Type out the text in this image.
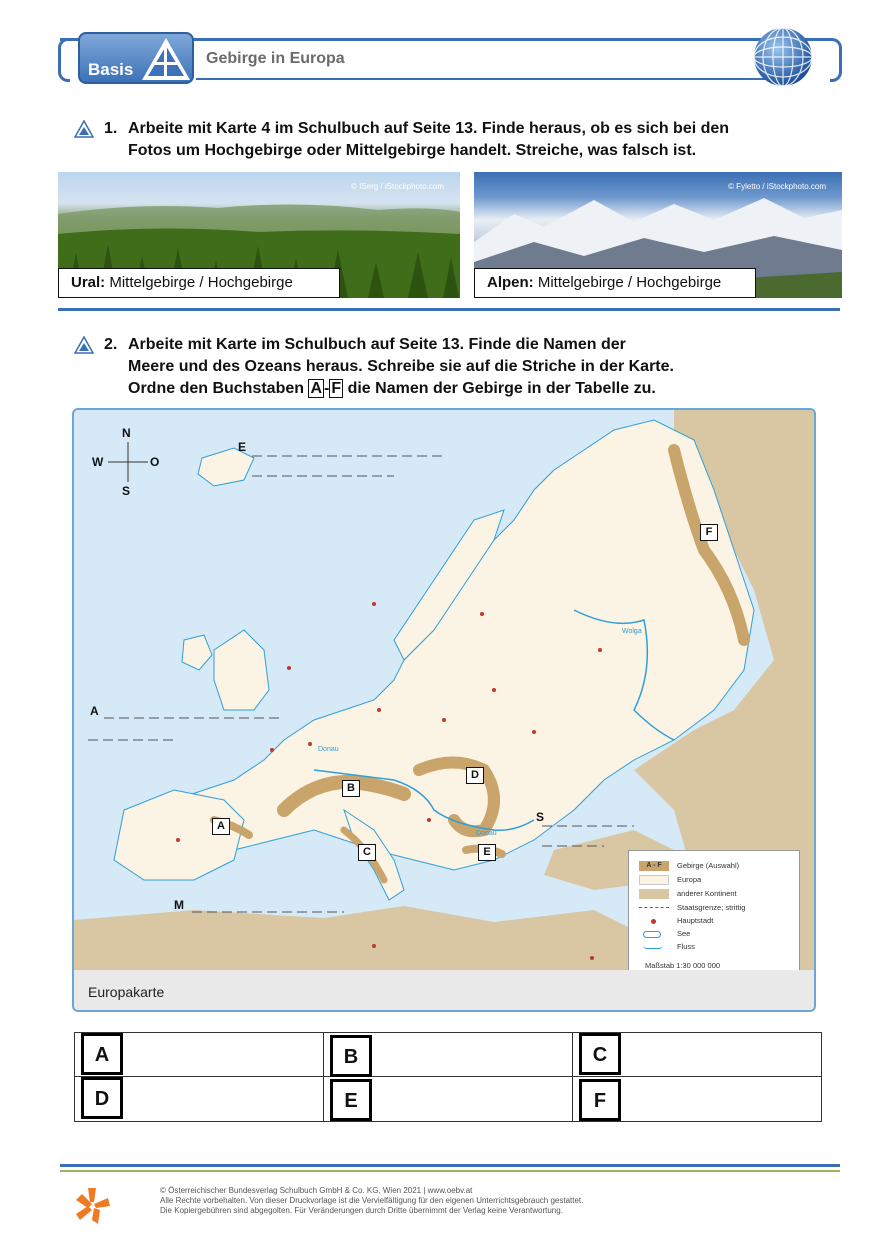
Basis
Gebirge in Europa
1. Arbeite mit Karte 4 im Schulbuch auf Seite 13. Finde heraus, ob es sich bei den
Fotos um Hochgebirge oder Mittelgebirge handelt. Streiche, was falsch ist.
© ISerg / iStockphoto.com
Ural: Mittelgebirge / Hochgebirge
© Fyletto / iStockphoto.com
Alpen: Mittelgebirge / Hochgebirge
2. Arbeite mit Karte im Schulbuch auf Seite 13. Finde die Namen der
Meere und des Ozeans heraus. Schreibe sie auf die Striche in der Karte.
Ordne den Buchstaben A - F die Namen der Gebirge in der Tabelle zu.
N
S
W	O
E
A
S
M
A
B
C
D
E
F
Donau
Donau
Wolga
A - F	Gebirge (Auswahl)
Europa
anderer Kontinent
Staatsgrenze; strittig
Hauptstadt
See
Fluss
Maßstab 1:30 000 000
Europakarte
A	B	C
D	E	F
© Österreichischer Bundesverlag Schulbuch GmbH & Co. KG, Wien 2021 | www.oebv.at
Alle Rechte vorbehalten. Von dieser Druckvorlage ist die Vervielfältigung für den eigenen Unterrichtsgebrauch gestattet.
Die Kopiergebühren sind abgegolten. Für Veränderungen durch Dritte übernimmt der Verlag keine Verantwortung.
